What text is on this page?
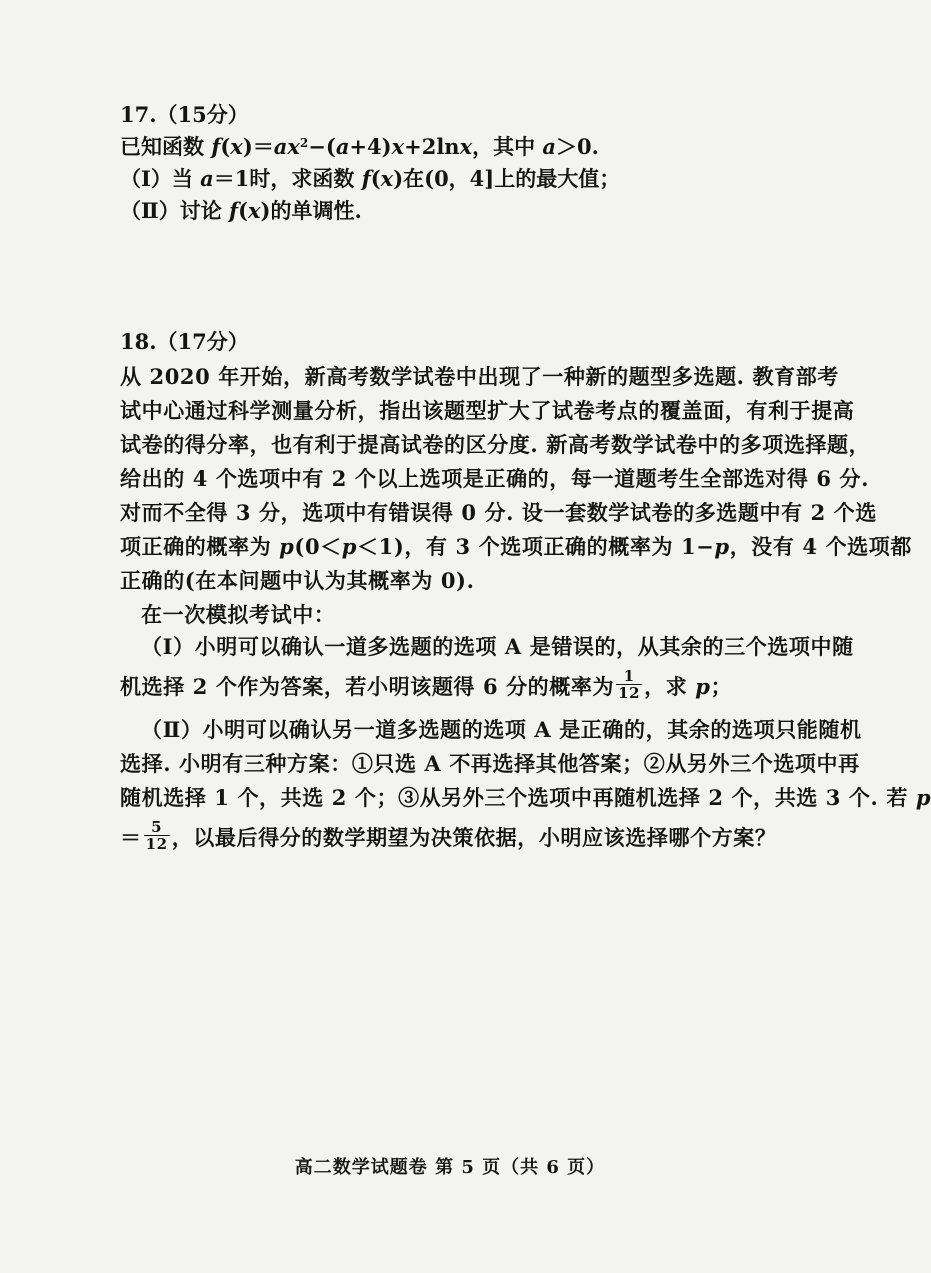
17.（15分）
已知函数 $f(x)=ax^2-(a+4)x+2\ln x$，其中 a＞0.
（Ⅰ）当 a＝1时，求函数 f(x)在(0，4]上的最大值；
（Ⅱ）讨论 f(x)的单调性.
18.（17分）
从 2020 年开始，新高考数学试卷中出现了一种新的题型多选题. 教育部考
试中心通过科学测量分析，指出该题型扩大了试卷考点的覆盖面，有利于提高
试卷的得分率，也有利于提高试卷的区分度. 新高考数学试卷中的多项选择题，
给出的 4 个选项中有 2 个以上选项是正确的，每一道题考生全部选对得 6 分.
对而不全得 3 分，选项中有错误得 0 分. 设一套数学试卷的多选题中有 2 个选
项正确的概率为 p(0＜p＜1)，有 3 个选项正确的概率为 1−p，没有 4 个选项都
正确的(在本问题中认为其概率为 0).
在一次模拟考试中：
（Ⅰ）小明可以确认一道多选题的选项 A 是错误的，从其余的三个选项中随
机选择 2 个作为答案，若小明该题得 6 分的概率为 $\frac{1}{12}$ ，求 p；
（Ⅱ）小明可以确认另一道多选题的选项 A 是正确的，其余的选项只能随机
选择. 小明有三种方案：①只选 A 不再选择其他答案；②从另外三个选项中再
随机选择 1 个，共选 2 个；③从另外三个选项中再随机选择 2 个，共选 3 个. 若 p
＝ $\frac{5}{12}$ ，以最后得分的数学期望为决策依据，小明应该选择哪个方案？
高二数学试题卷 第 5 页（共 6 页）
